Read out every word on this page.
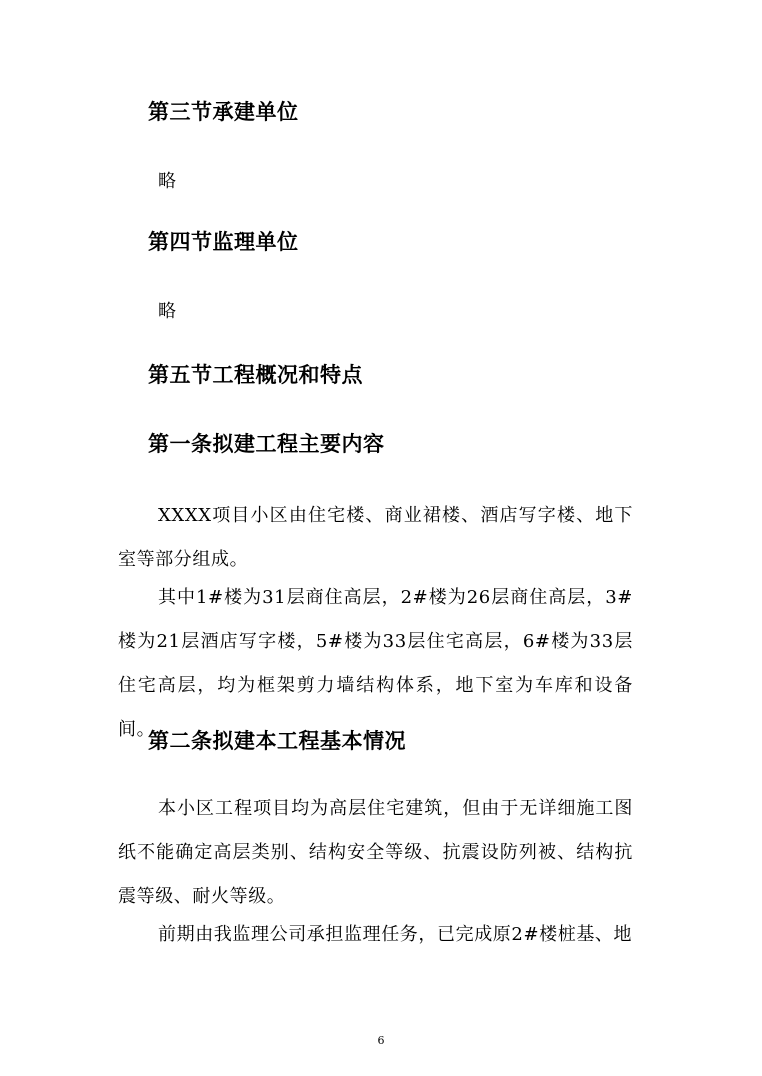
第三节承建单位
略
第四节监理单位
略
第五节工程概况和特点
第一条拟建工程主要内容
XXXX项目小区由住宅楼、商业裙楼、酒店写字楼、地下室等部分组成。
其中1#楼为31层商住高层，2#楼为26层商住高层，3#楼为21层酒店写字楼，5#楼为33层住宅高层，6#楼为33层住宅高层，均为框架剪力墙结构体系，地下室为车库和设备间。
第二条拟建本工程基本情况
本小区工程项目均为高层住宅建筑，但由于无详细施工图纸不能确定高层类别、结构安全等级、抗震设防列被、结构抗震等级、耐火等级。
前期由我监理公司承担监理任务，已完成原2#楼桩基、地
6
